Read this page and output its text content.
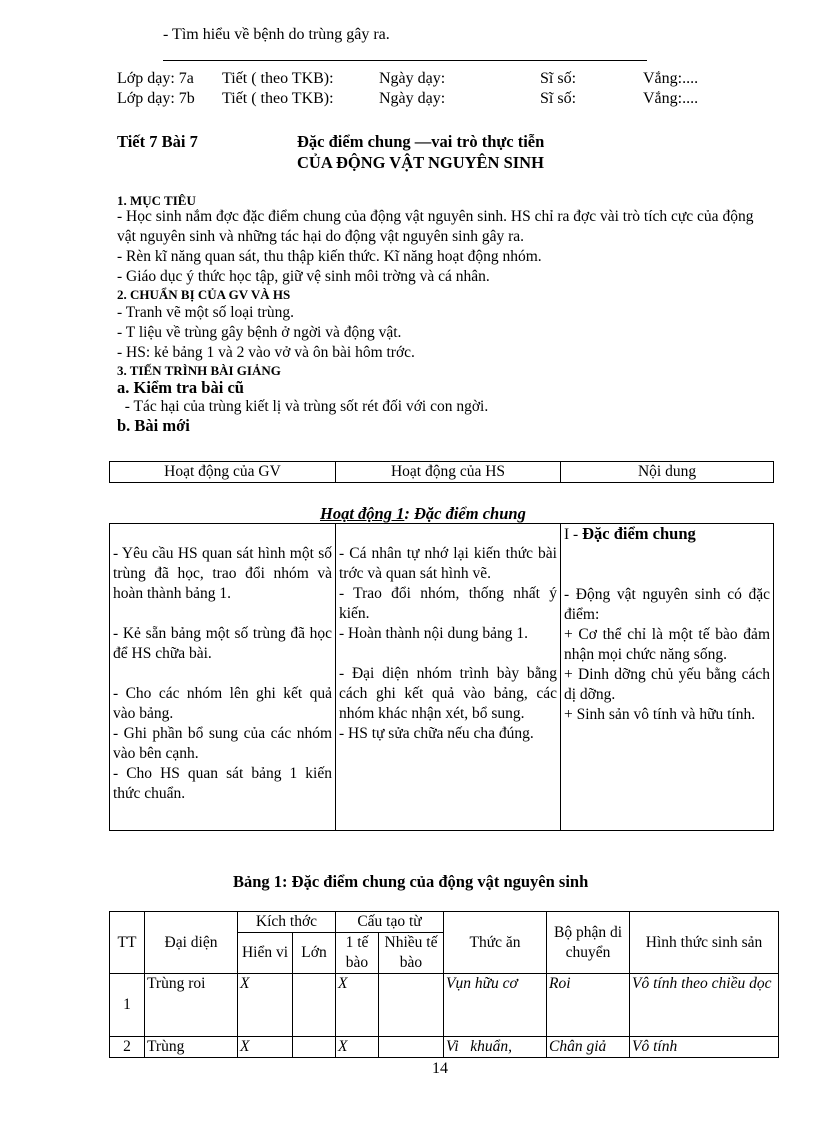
- Tìm hiểu về bệnh do trùng gây ra.
Lớp dạy: 7a Tiết ( theo TKB):	Ngày dạy:	Sĩ số:	Vắng:....
Lớp dạy: 7b Tiết ( theo TKB):	Ngày dạy:	Sĩ số:	Vắng:....
Tiết 7 Bài 7	Đặc điểm chung —vai trò thực tiễn
CỦA ĐỘNG VẬT NGUYÊN SINH
1. MỤC TIÊU
- Học sinh nắm đợc đặc điểm chung của động vật nguyên sinh. HS chỉ ra đợc vài trò tích cực của động vật nguyên sinh và những tác hại do động vật nguyên sinh gây ra.
- Rèn kĩ năng quan sát, thu thập kiến thức. Kĩ năng hoạt động nhóm.
- Giáo dục ý thức học tập, giữ vệ sinh môi trờng và cá nhân.
2. CHUẨN BỊ CỦA GV VÀ HS
- Tranh vẽ một số loại trùng.
- T liệu về trùng gây bệnh ở ngời và động vật.
- HS: kẻ bảng 1 và 2 vào vở và ôn bài hôm trớc.
3. TIẾN TRÌNH BÀI GIẢNG
a. Kiểm tra bài cũ
- Tác hại của trùng kiết lị và trùng sốt rét đối với con ngời.
b. Bài mới
Hoạt động của GV	Hoạt động của HS	Nội dung
Hoạt động 1: Đặc điểm chung
- Yêu cầu HS quan sát hình một số trùng đã học, trao đổi nhóm và hoàn thành bảng 1.
- Kẻ sẵn bảng một số trùng đã học để HS chữa bài.
- Cho các nhóm lên ghi kết quả vào bảng.
- Ghi phần bổ sung của các nhóm vào bên cạnh.
- Cho HS quan sát bảng 1 kiến thức chuẩn.

- Cá nhân tự nhớ lại kiến thức bài trớc và quan sát hình vẽ.
- Trao đổi nhóm, thống nhất ý kiến.
- Hoàn thành nội dung bảng 1.
- Đại diện nhóm trình bày bằng cách ghi kết quả vào bảng, các nhóm khác nhận xét, bổ sung.
- HS tự sửa chữa nếu cha đúng.

I - Đặc điểm chung
- Động vật nguyên sinh có đặc điểm:
+ Cơ thể chỉ là một tế bào đảm nhận mọi chức năng sống.
+ Dinh dỡng chủ yếu bằng cách dị dỡng.
+ Sinh sản vô tính và hữu tính.
Bảng 1: Đặc điểm chung của động vật nguyên sinh
TT	Đại diện	Kích thớc		Cấu tạo từ		Thức ăn	Bộ phận di chuyển	Hình thức sinh sản
		Hiển vi	Lớn	1 tế bào	Nhiều tế bào			
1	Trùng roi	X		X		Vụn hữu cơ	Roi	Vô tính theo chiều dọc
2	Trùng	X		X		Vi   khuẩn,	Chân giả	Vô tính
14
